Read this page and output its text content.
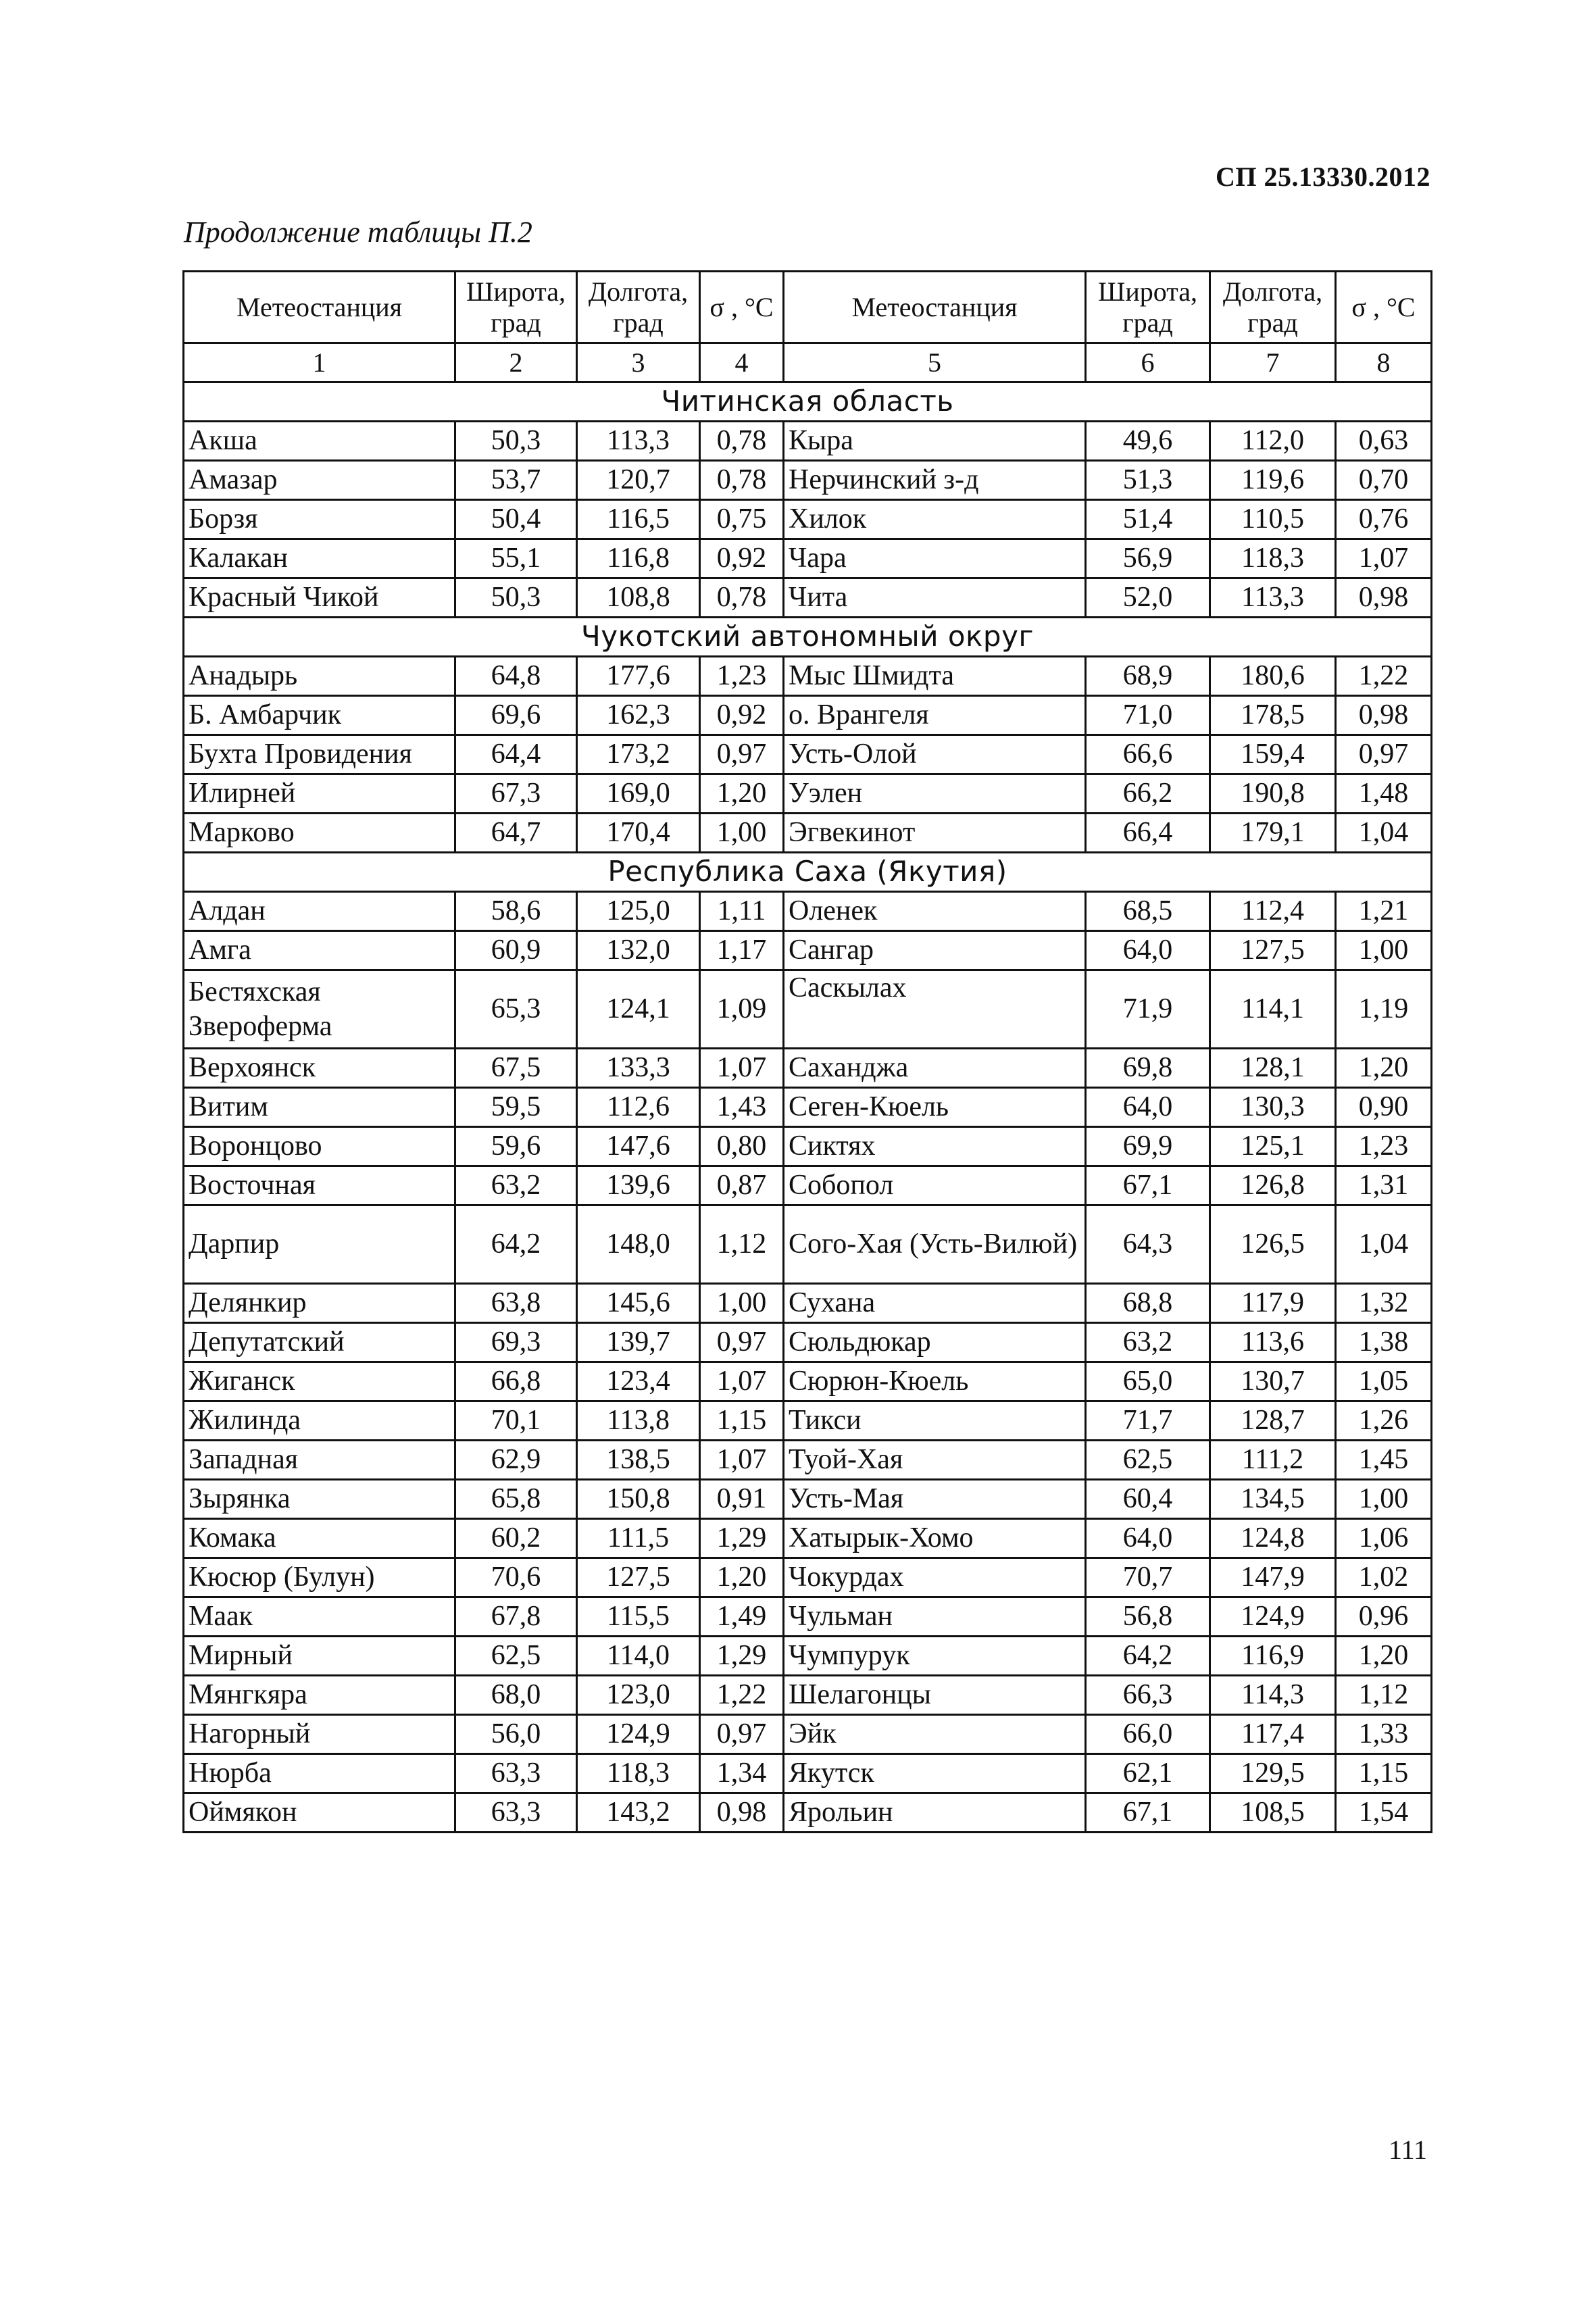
СП 25.13330.2012
Продолжение таблицы П.2
Метеостанция	Широта, град	Долгота, град	σ , °С	Метеостанция	Широта, град	Долгота, град	σ , °С
1	2	3	4	5	6	7	8
Читинская область							
Акша	50,3	113,3	0,78	Кыра	49,6	112,0	0,63
Амазар	53,7	120,7	0,78	Нерчинский з-д	51,3	119,6	0,70
Борзя	50,4	116,5	0,75	Хилок	51,4	110,5	0,76
Калакан	55,1	116,8	0,92	Чара	56,9	118,3	1,07
Красный Чикой	50,3	108,8	0,78	Чита	52,0	113,3	0,98
Чукотский автономный округ							
Анадырь	64,8	177,6	1,23	Мыс Шмидта	68,9	180,6	1,22
Б. Амбарчик	69,6	162,3	0,92	о. Врангеля	71,0	178,5	0,98
Бухта Провидения	64,4	173,2	0,97	Усть-Олой	66,6	159,4	0,97
Илирней	67,3	169,0	1,20	Уэлен	66,2	190,8	1,48
Марково	64,7	170,4	1,00	Эгвекинот	66,4	179,1	1,04
Республика Саха (Якутия)							
Алдан	58,6	125,0	1,11	Оленек	68,5	112,4	1,21
Амга	60,9	132,0	1,17	Сангар	64,0	127,5	1,00
Бестяхская Звероферма	65,3	124,1	1,09	Саскылах	71,9	114,1	1,19
Верхоянск	67,5	133,3	1,07	Саханджа	69,8	128,1	1,20
Витим	59,5	112,6	1,43	Сеген-Кюель	64,0	130,3	0,90
Воронцово	59,6	147,6	0,80	Сиктях	69,9	125,1	1,23
Восточная	63,2	139,6	0,87	Собопол	67,1	126,8	1,31
Дарпир	64,2	148,0	1,12	Сого-Хая (Усть-Вилюй)	64,3	126,5	1,04
Делянкир	63,8	145,6	1,00	Сухана	68,8	117,9	1,32
Депутатский	69,3	139,7	0,97	Сюльдюкар	63,2	113,6	1,38
Жиганск	66,8	123,4	1,07	Сюрюн-Кюель	65,0	130,7	1,05
Жилинда	70,1	113,8	1,15	Тикси	71,7	128,7	1,26
Западная	62,9	138,5	1,07	Туой-Хая	62,5	111,2	1,45
Зырянка	65,8	150,8	0,91	Усть-Мая	60,4	134,5	1,00
Комака	60,2	111,5	1,29	Хатырык-Хомо	64,0	124,8	1,06
Кюсюр (Булун)	70,6	127,5	1,20	Чокурдах	70,7	147,9	1,02
Маак	67,8	115,5	1,49	Чульман	56,8	124,9	0,96
Мирный	62,5	114,0	1,29	Чумпурук	64,2	116,9	1,20
Мянгкяра	68,0	123,0	1,22	Шелагонцы	66,3	114,3	1,12
Нагорный	56,0	124,9	0,97	Эйк	66,0	117,4	1,33
Нюрба	63,3	118,3	1,34	Якутск	62,1	129,5	1,15
Оймякон	63,3	143,2	0,98	Ярольин	67,1	108,5	1,54
111
